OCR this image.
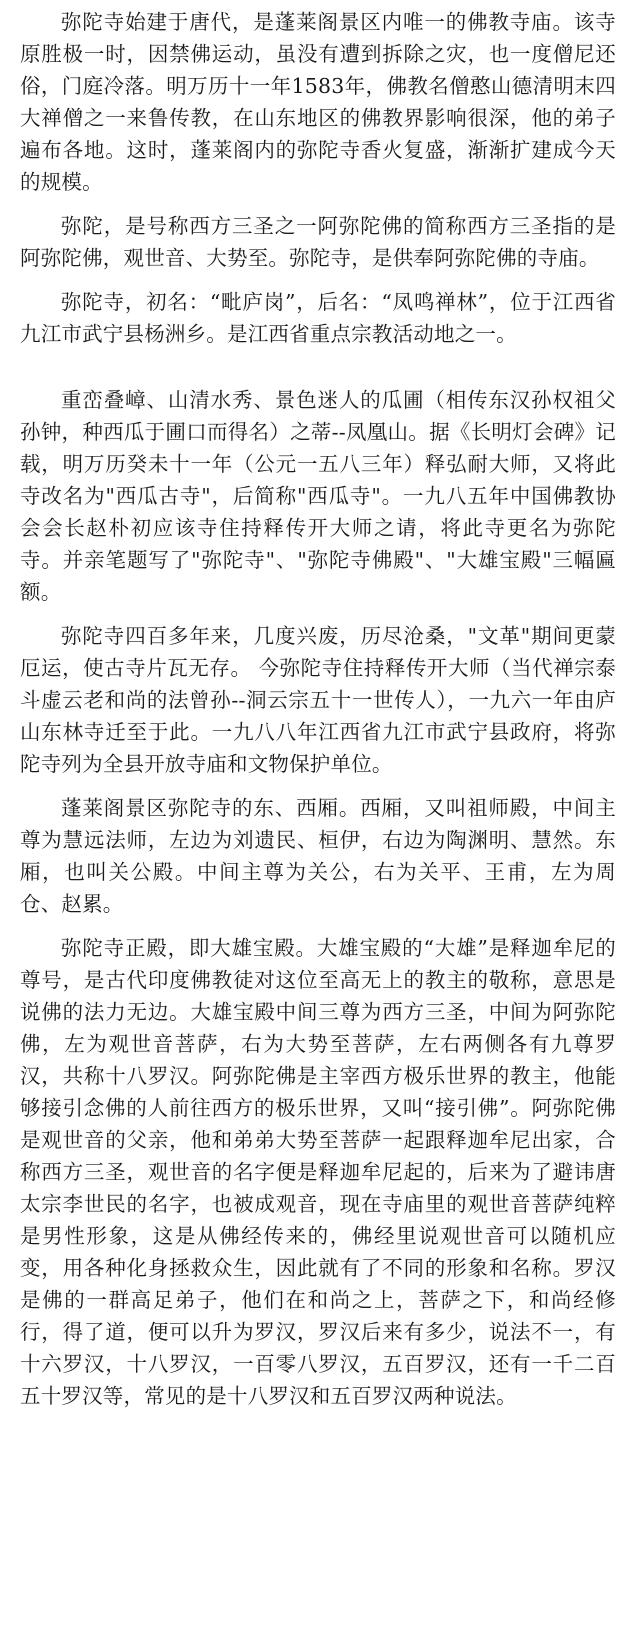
弥陀寺始建于唐代，是蓬莱阁景区内唯一的佛教寺庙。该寺原胜极一时，因禁佛运动，虽没有遭到拆除之灾，也一度僧尼还俗，门庭冷落。明万历十一年1583年，佛教名僧憨山德清明末四大禅僧之一来鲁传教，在山东地区的佛教界影响很深，他的弟子遍布各地。这时，蓬莱阁内的弥陀寺香火复盛，渐渐扩建成今天的规模。

弥陀，是号称西方三圣之一阿弥陀佛的简称西方三圣指的是阿弥陀佛，观世音、大势至。弥陀寺，是供奉阿弥陀佛的寺庙。

弥陀寺，初名：“毗庐岗”，后名：“凤鸣禅林”，位于江西省九江市武宁县杨洲乡。是江西省重点宗教活动地之一。

重峦叠嶂、山清水秀、景色迷人的瓜圃（相传东汉孙权祖父孙钟，种西瓜于圃口而得名）之蒂--凤凰山。据《长明灯会碑》记载，明万历癸未十一年（公元一五八三年）释弘耐大师，又将此寺改名为"西瓜古寺"，后简称"西瓜寺"。一九八五年中国佛教协会会长赵朴初应该寺住持释传开大师之请，将此寺更名为弥陀寺。并亲笔题写了"弥陀寺"、"弥陀寺佛殿"、"大雄宝殿"三幅匾额。

弥陀寺四百多年来，几度兴废，历尽沧桑，"文革"期间更蒙厄运，使古寺片瓦无存。 今弥陀寺住持释传开大师（当代禅宗泰斗虚云老和尚的法曾孙--洞云宗五十一世传人），一九六一年由庐山东林寺迁至于此。一九八八年江西省九江市武宁县政府，将弥陀寺列为全县开放寺庙和文物保护单位。

蓬莱阁景区弥陀寺的东、西厢。西厢，又叫祖师殿，中间主尊为慧远法师，左边为刘遗民、桓伊，右边为陶渊明、慧然。东厢，也叫关公殿。中间主尊为关公，右为关平、王甫，左为周仓、赵累。

弥陀寺正殿，即大雄宝殿。大雄宝殿的“大雄”是释迦牟尼的尊号，是古代印度佛教徒对这位至高无上的教主的敬称，意思是说佛的法力无边。大雄宝殿中间三尊为西方三圣，中间为阿弥陀佛，左为观世音菩萨，右为大势至菩萨，左右两侧各有九尊罗汉，共称十八罗汉。阿弥陀佛是主宰西方极乐世界的教主，他能够接引念佛的人前往西方的极乐世界，又叫“接引佛”。阿弥陀佛是观世音的父亲，他和弟弟大势至菩萨一起跟释迦牟尼出家，合称西方三圣，观世音的名字便是释迦牟尼起的，后来为了避讳唐太宗李世民的名字，也被成观音，现在寺庙里的观世音菩萨纯粹是男性形象，这是从佛经传来的，佛经里说观世音可以随机应变，用各种化身拯救众生，因此就有了不同的形象和名称。罗汉是佛的一群高足弟子，他们在和尚之上，菩萨之下，和尚经修行，得了道，便可以升为罗汉，罗汉后来有多少，说法不一，有十六罗汉，十八罗汉，一百零八罗汉，五百罗汉，还有一千二百五十罗汉等，常见的是十八罗汉和五百罗汉两种说法。
